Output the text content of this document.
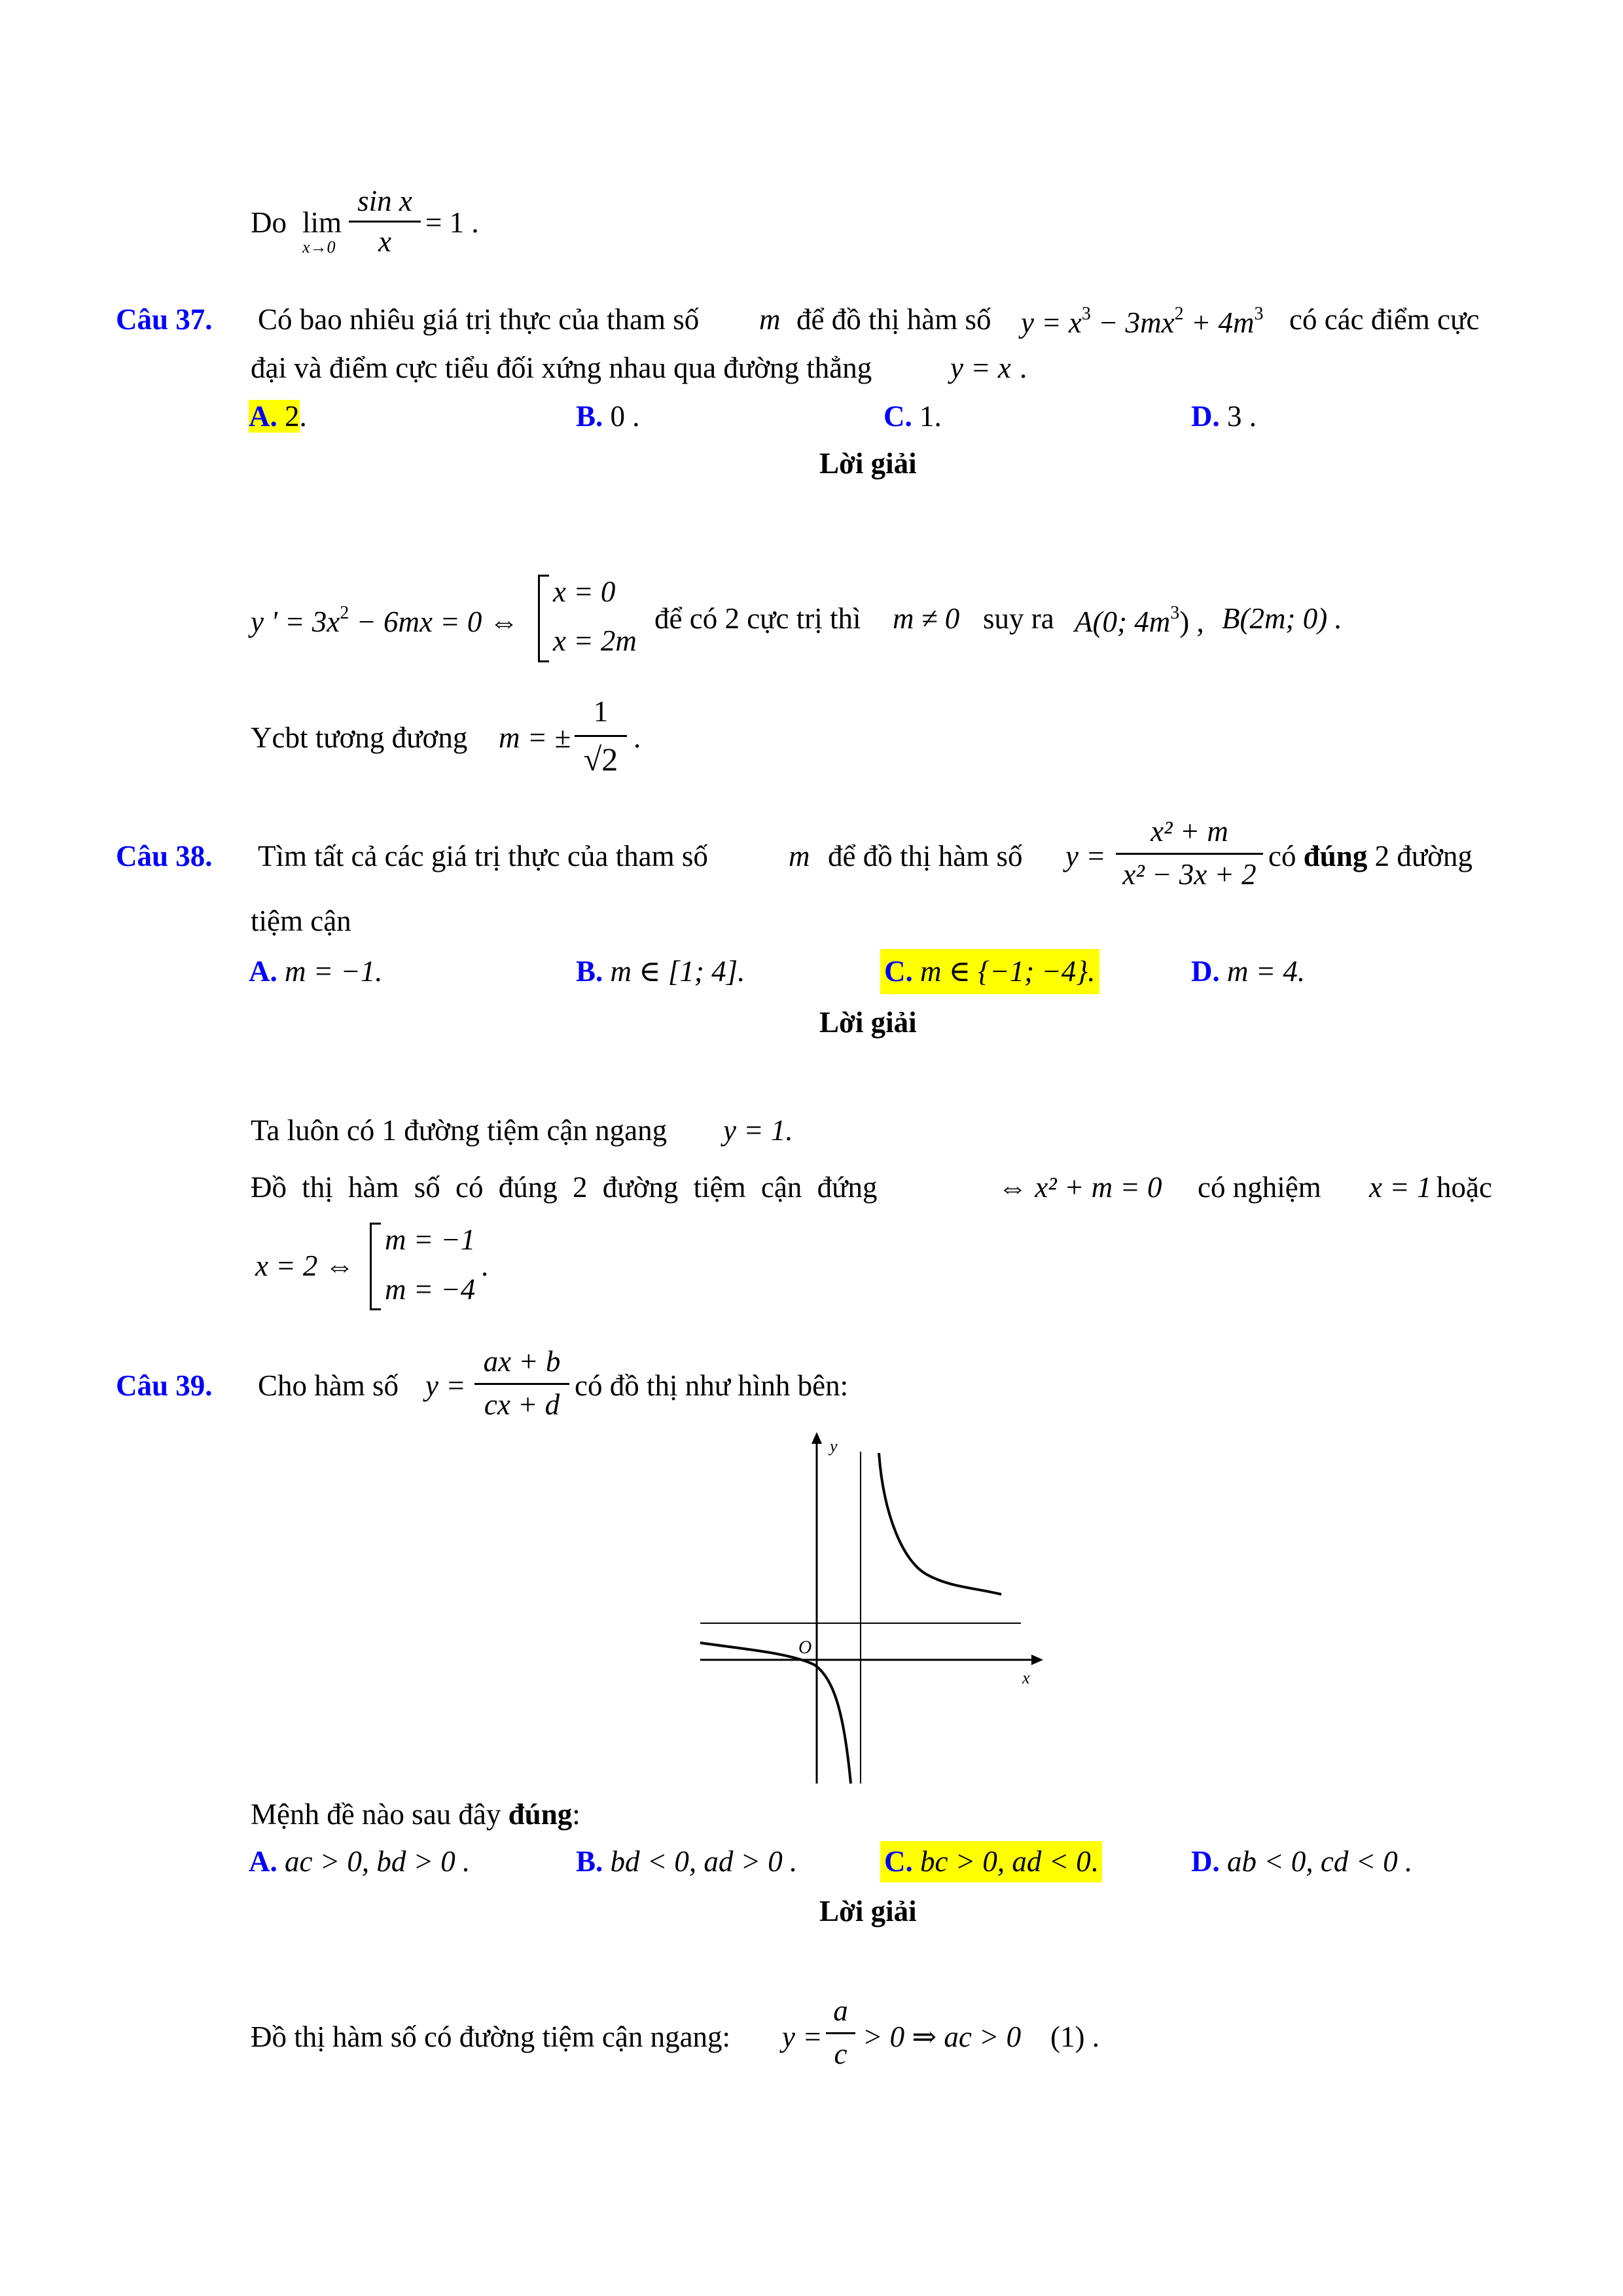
Do lim
x→0
sin x
x
= 1 .
Câu 37. Có bao nhiêu giá trị thực của tham số m để đồ thị hàm số $y = x^3 - 3mx^2 + 4m^3$ có các điểm cực
đại và điểm cực tiểu đối xứng nhau qua đường thẳng	y = x .
A. 2.	B. 0 .	C. 1.	D. 3 .
Lời giải
y ' = $3x^2 - 6mx = 0$ ⇔
x = 0
x = 2m
để có 2 cực trị thì m ≠ 0 suy ra A(0; $4m^3$) , B(2m; 0) .
Ycbt tương đương m = ±
1
√2
.
Câu 38. Tìm tất cả các giá trị thực của tham số	m để đồ thị hàm số y =
x² + m
x² − 3x + 2
có đúng 2 đường
tiệm cận
A. m = −1.	B. m ∈ [1; 4].	C. m ∈ {−1; −4}.	D. m = 4.
Lời giải
Ta luôn có 1 đường tiệm cận ngang y = 1.
Đồ thị hàm số có đúng 2 đường tiệm cận đứng	⇔ x² + m = 0 có nghiệm x = 1 hoặc
x = 2 ⇔
m = −1
m = −4
.
Câu 39. Cho hàm số y =
ax + b
cx + d
có đồ thị như hình bên:
y
x
O
Mệnh đề nào sau đây đúng:
A. ac > 0, bd > 0 .	B. bd < 0, ad > 0 .	C. bc > 0, ad < 0.	D. ab < 0, cd < 0 .
Lời giải
Đồ thị hàm số có đường tiệm cận ngang: y =
a
c
> 0 ⇒ ac > 0 (1) .
